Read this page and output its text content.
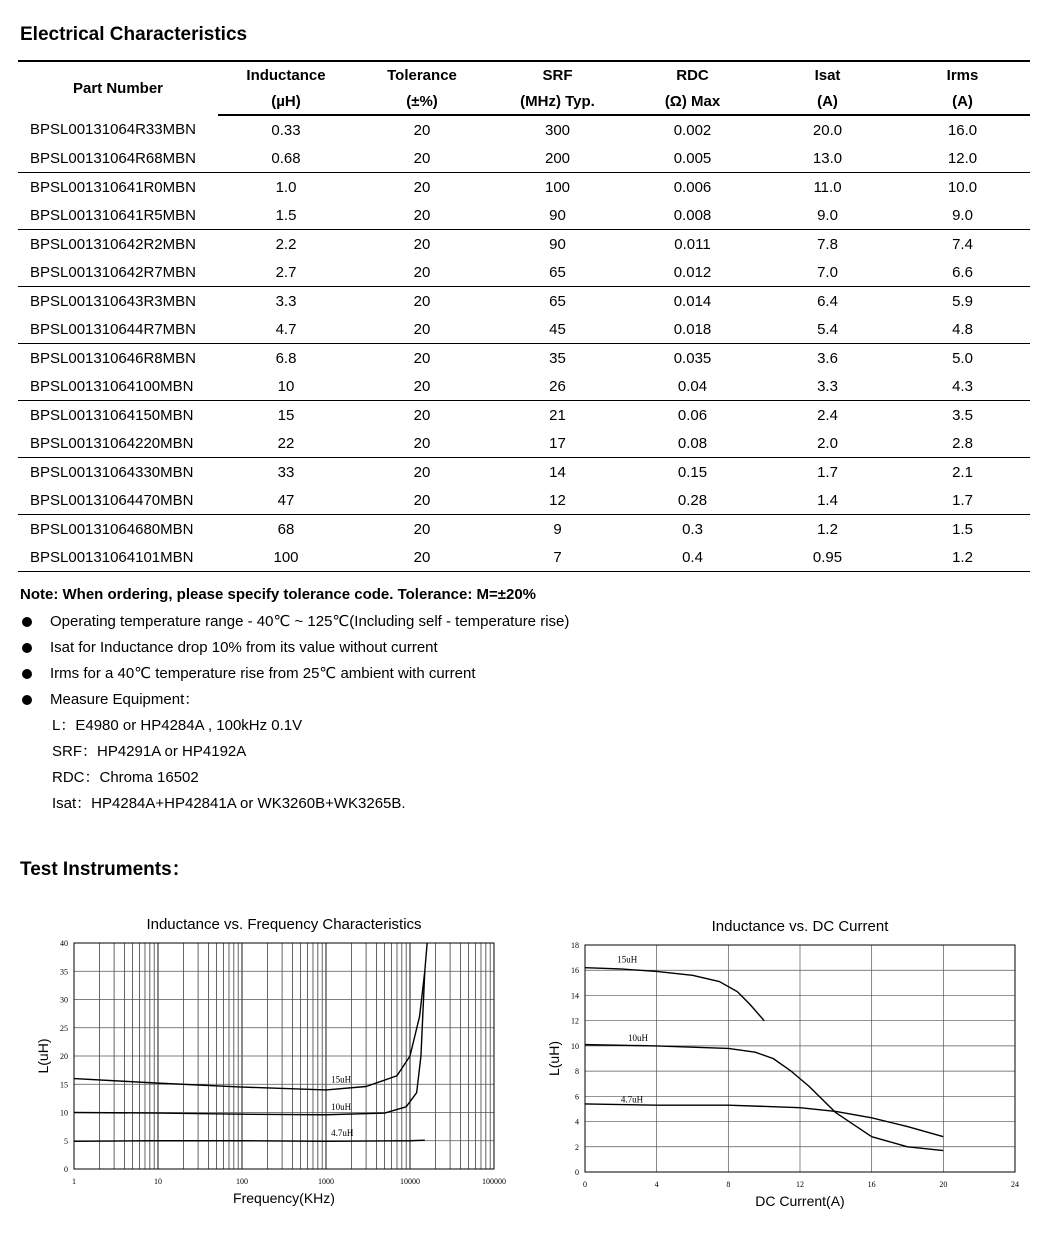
Electrical Characteristics
Part Number	Inductance	Tolerance	SRF	RDC	Isat	Irms
	(µH)	(±%)	(MHz) Typ.	(Ω) Max	(A)	(A)
BPSL00131064R33MBN	0.33	20	300	0.002	20.0	16.0
BPSL00131064R68MBN	0.68	20	200	0.005	13.0	12.0
BPSL001310641R0MBN	1.0	20	100	0.006	11.0	10.0
BPSL001310641R5MBN	1.5	20	90	0.008	9.0	9.0
BPSL001310642R2MBN	2.2	20	90	0.011	7.8	7.4
BPSL001310642R7MBN	2.7	20	65	0.012	7.0	6.6
BPSL001310643R3MBN	3.3	20	65	0.014	6.4	5.9
BPSL001310644R7MBN	4.7	20	45	0.018	5.4	4.8
BPSL001310646R8MBN	6.8	20	35	0.035	3.6	5.0
BPSL00131064100MBN	10	20	26	0.04	3.3	4.3
BPSL00131064150MBN	15	20	21	0.06	2.4	3.5
BPSL00131064220MBN	22	20	17	0.08	2.0	2.8
BPSL00131064330MBN	33	20	14	0.15	1.7	2.1
BPSL00131064470MBN	47	20	12	0.28	1.4	1.7
BPSL00131064680MBN	68	20	9	0.3	1.2	1.5
BPSL00131064101MBN	100	20	7	0.4	0.95	1.2
Note: When ordering, please specify tolerance code. Tolerance: M=±20%
Operating temperature range - 40℃ ~ 125℃(Including self - temperature rise)
Isat for Inductance drop 10% from its value without current
Irms for a 40℃ temperature rise from 25℃ ambient with current
Measure Equipment：
L：E4980 or HP4284A , 100kHz 0.1V
SRF：HP4291A or HP4192A
RDC：Chroma 16502
Isat：HP4284A+HP42841A or WK3260B+WK3265B.
Test Instruments：
1	10	100	1000	10000	100000
0
5
10
15
20
25
30
35
40
Inductance vs. Frequency Characteristics
Frequency(KHz)
L(uH)
15uH
10uH
4.7uH
0	4	8	12	16	20	24
0
2
4
6
8
10
12
14
16
18
Inductance vs. DC Current
DC Current(A)
L(uH)
15uH
10uH
4.7uH
